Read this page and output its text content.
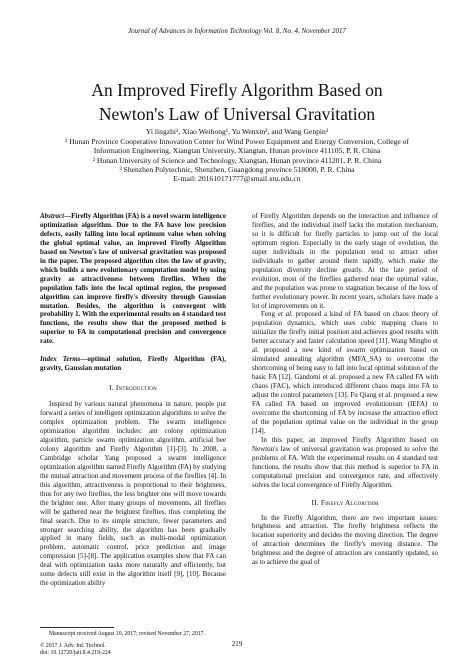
Journal of Advances in Information Technology Vol. 8, No. 4, November 2017
An Improved Firefly Algorithm Based on
Newton's Law of Universal Gravitation

Yi lingzhi¹, Xiao Weihong¹, Yu Wenxin², and Wang Genpin³

¹ Hunan Province Cooperative Innovation Center for Wind Power Equipment and Energy Conversion, College of

Information Engineering, Xiangtan University, Xiangtan, Hunan province 411105, P. R. China

² Hunan University of Science and Technology, Xiangtan, Hunan province 411201, P. R. China

³ Shenzhen Polytechnic, Shenzhen, Guangdong province 518000, P. R. China

E-mail: 201610171777@smail.xtu.edu.cn

Abstract—Firefly Algorithm (FA) is a novel swarm intelligence optimization algorithm. Due to the FA have low precision defects, easily falling into local optimum value when solving the global optimal value, an improved Firefly Algorithm based on Newton's law of universal gravitation was proposed in the paper. The proposed algorithm cites the law of gravity, which builds a new evolutionary computation model by using gravity as attractiveness between fireflies. When the population falls into the local optimal region, the proposed algorithm can improve firefly's diversity through Gaussian mutation. Besides, the algorithm is convergent with probability 1. With the experimental results on 4 standard test functions, the results show that the proposed method is superior to FA in computational precision and convergence rate.

Index Terms—optimal solution, Firefly Algorithm (FA), gravity, Gaussian mutation

I. Introduction

Inspired by various natural phenomena in nature, people put forward a series of intelligent optimization algorithms to solve the complex optimization problem. The swarm intelligence optimization algorithm includes: ant colony optimization algorithm, particle swarm optimization algorithm, artificial bee colony algorithm and Firefly Algorithm [1]-[3]. In 2008, a Cambridge scholar Yang proposed a swarm intelligence optimization algorithm named Firefly Algorithm (FA) by studying the mutual attraction and movement process of the fireflies [4]. In this algorithm, attractiveness is proportional to their brightness, thus for any two fireflies, the less brighter one will move towards the brighter one. After many groups of movements, all fireflies will be gathered near the brightest fireflies, thus completing the final search. Due to its simple structure, fewer parameters and stronger searching ability, the algorithm has been gradually applied in many fields, such as multi-modal optimization problem, automatic control, price prediction and image compression [5]-[8]. The application examples show that FA can deal with optimization tasks more naturally and efficiently, but some defects still exist in the algorithm itself [9], [10]. Because the optimization ability

of Firefly Algorithm depends on the interaction and influence of fireflies, and the individual itself lacks the mutation mechanism, so it is difficult for firefly particles to jump out of the local optimum region. Especially in the early stage of evolution, the super individuals in the population tend to attract other individuals to gather around them rapidly, which make the population diversity decline greatly. At the late period of evolution, most of the fireflies gathered near the optimal value, and the population was prone to stagnation because of the loss of further evolutionary power. In recent years, scholars have made a lot of improvements on it.

Feng et al. proposed a kind of FA based on chaos theory of population dynamics, which uses cubic mapping chaos to initialize the firefly initial position and achieves good results with better accuracy and faster calculation speed [11]. Wang Mingbo et al. proposed a new kind of swarm optimization based on simulated annealing algorithm (MFA_SA) to overcome the shortcoming of being easy to fall into local optimal solution of the basic FA [12]. Gandomi et al. proposed a new FA called FA with chaos (FAC), which introduced different chaos maps into FA to adjust the control parameters [13]. Fu Qiang et al. proposed a new FA called FA based on improved evolutionism (IEFA) to overcome the shortcoming of FA by increase the attraction effect of the population optimal value on the individual in the group [14].

In this paper, an improved Firefly Algorithm based on Newton's law of universal gravitation was proposed to solve the problems of FA. With the experimental results on 4 standard test functions, the results show that this method is superior to FA in computational precision and convergence rate, and effectively solves the local convergence of Firefly Algorithm.

II. Firefly Algorithm

In the Firefly Algorithm, there are two important issues: brightness and attraction. The firefly brightness reflects the location superiority and decides the moving direction. The degree of attraction determines the firefly's moving distance. The brightness and the degree of attraction are constantly updated, so as to achieve the goal of

Manuscript received August 10, 2017; revised November 27, 2017.

© 2017 J. Adv. Inf. Technol.

doi: 10.12720/jait.8.4.219-224

219
